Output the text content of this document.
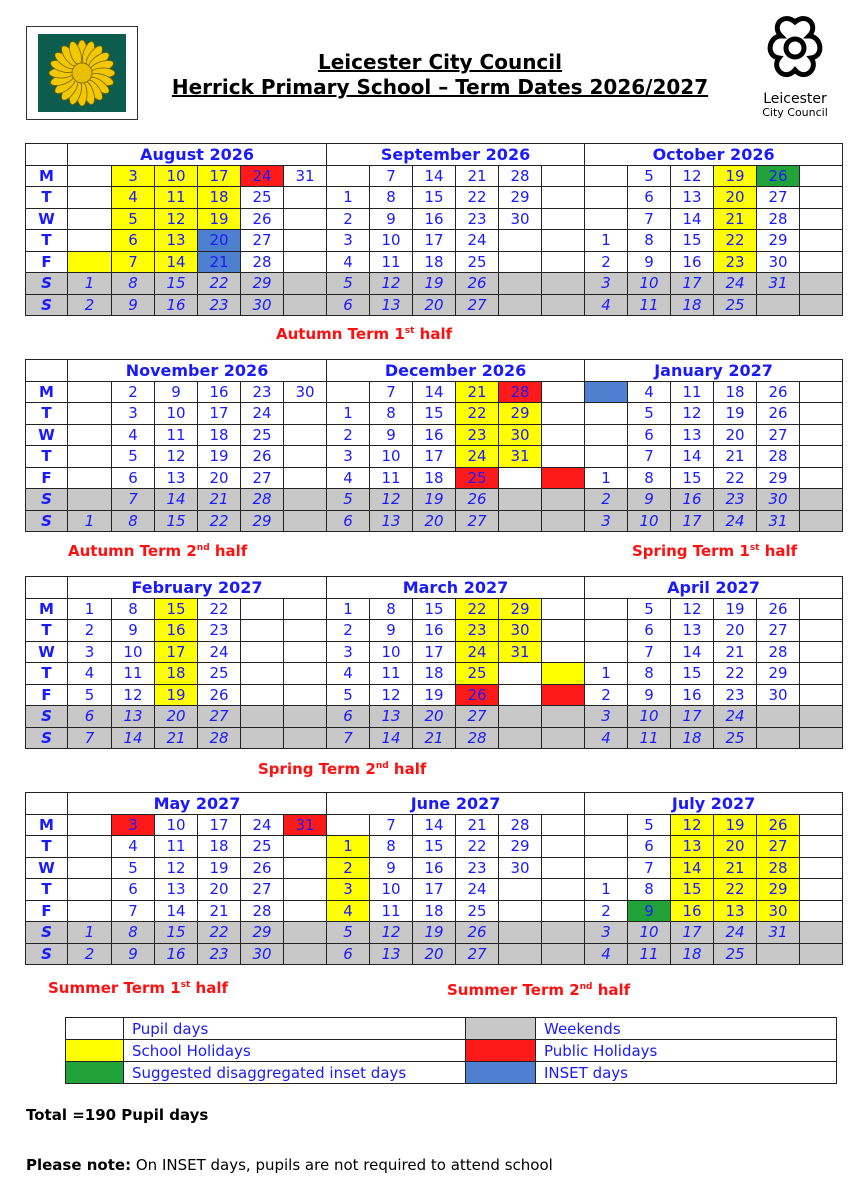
Leicester City Council
Herrick Primary School – Term Dates 2026/2027	Leicester
City Council
	August 2026						September 2026						October 2026					
M		3	10	17	24	31		7	14	21	28			5	12	19	26	
T		4	11	18	25		1	8	15	22	29			6	13	20	27	
W		5	12	19	26		2	9	16	23	30			7	14	21	28	
T		6	13	20	27		3	10	17	24			1	8	15	22	29	
F		7	14	21	28		4	11	18	25			2	9	16	23	30	
S	1	8	15	22	29		5	12	19	26			3	10	17	24	31	
S	2	9	16	23	30		6	13	20	27			4	11	18	25		
Autumn Term 1st half
	November 2026						December 2026						January 2027					
M		2	9	16	23	30		7	14	21	28			4	11	18	26	
T		3	10	17	24		1	8	15	22	29			5	12	19	26	
W		4	11	18	25		2	9	16	23	30			6	13	20	27	
T		5	12	19	26		3	10	17	24	31			7	14	21	28	
F		6	13	20	27		4	11	18	25			1	8	15	22	29	
S		7	14	21	28		5	12	19	26			2	9	16	23	30	
S	1	8	15	22	29		6	13	20	27			3	10	17	24	31	
Autumn Term 2nd half	Spring Term 1st half
	February 2027						March 2027						April 2027					
M	1	8	15	22			1	8	15	22	29			5	12	19	26	
T	2	9	16	23			2	9	16	23	30			6	13	20	27	
W	3	10	17	24			3	10	17	24	31			7	14	21	28	
T	4	11	18	25			4	11	18	25			1	8	15	22	29	
F	5	12	19	26			5	12	19	26			2	9	16	23	30	
S	6	13	20	27			6	13	20	27			3	10	17	24		
S	7	14	21	28			7	14	21	28			4	11	18	25		
Spring Term 2nd half
	May 2027						June 2027						July 2027					
M		3	10	17	24	31		7	14	21	28			5	12	19	26	
T		4	11	18	25		1	8	15	22	29			6	13	20	27	
W		5	12	19	26		2	9	16	23	30			7	14	21	28	
T		6	13	20	27		3	10	17	24			1	8	15	22	29	
F		7	14	21	28		4	11	18	25			2	9	16	13	30	
S	1	8	15	22	29		5	12	19	26			3	10	17	24	31	
S	2	9	16	23	30		6	13	20	27			4	11	18	25		
Summer Term 1st half	Summer Term 2nd half
	Pupil days		Weekends
	School Holidays		Public Holidays
	Suggested disaggregated inset days		INSET days
Total =190 Pupil days
Please note: On INSET days, pupils are not required to attend school
